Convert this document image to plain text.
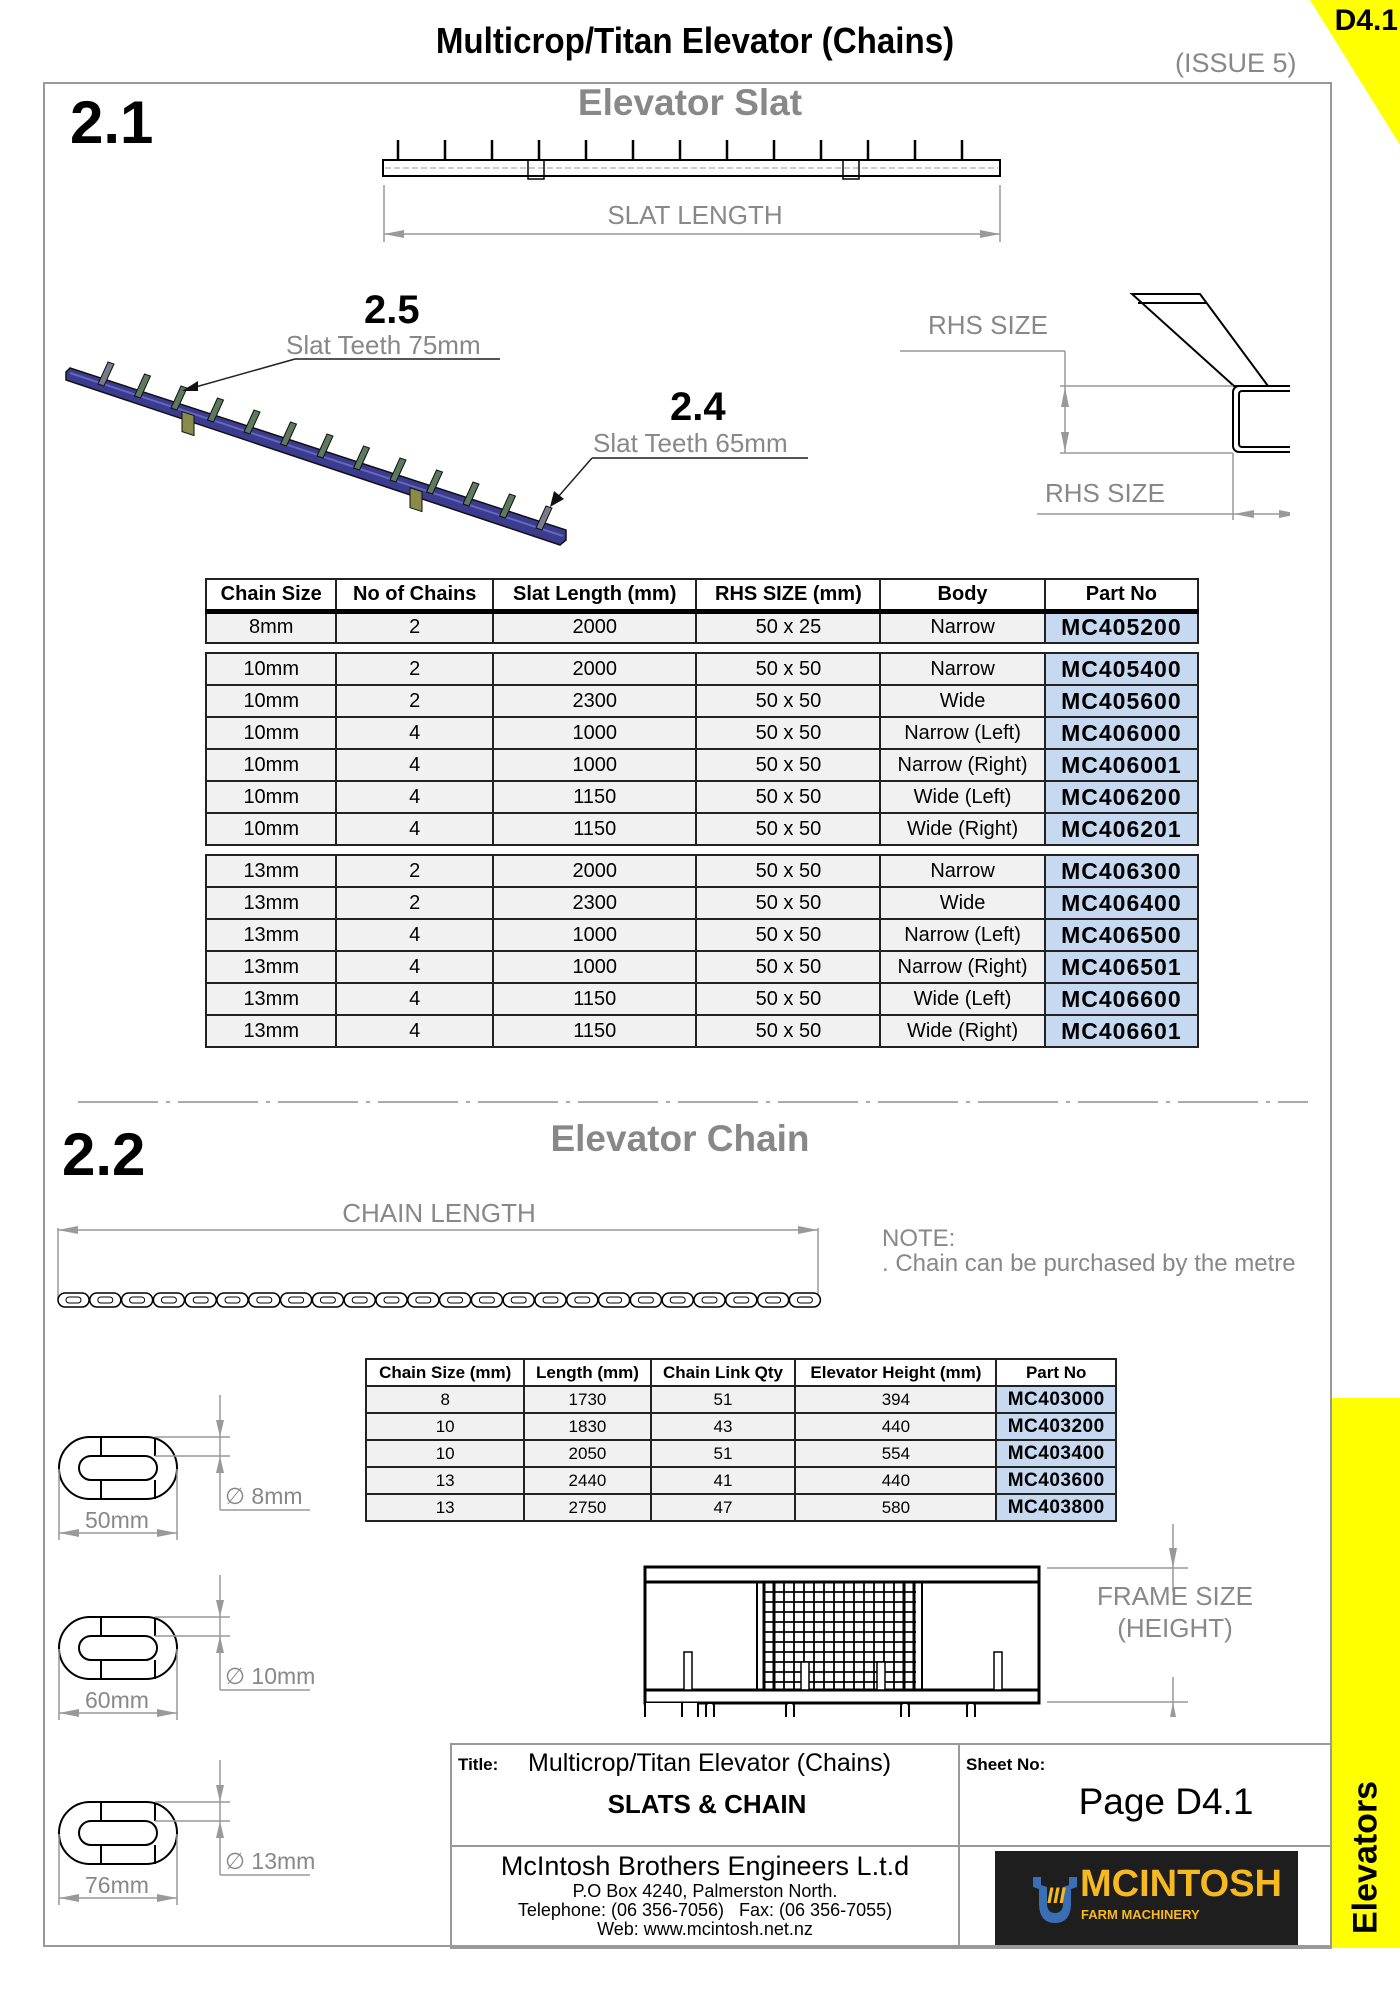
Multicrop/Titan Elevator (Chains)
(ISSUE 5)
D4.1
2.1	Elevator Slat
SLAT LENGTH
2.5
Slat Teeth 75mm
2.4
Slat Teeth 65mm
RHS SIZE
RHS SIZE
Chain Size	No of Chains	Slat Length (mm)	RHS SIZE (mm)	Body	Part No
8mm	2	2000	50 x 25	Narrow	MC405200

10mm	2	2000	50 x 50	Narrow	MC405400
10mm	2	2300	50 x 50	Wide	MC405600
10mm	4	1000	50 x 50	Narrow (Left)	MC406000
10mm	4	1000	50 x 50	Narrow (Right)	MC406001
10mm	4	1150	50 x 50	Wide (Left)	MC406200
10mm	4	1150	50 x 50	Wide (Right)	MC406201

13mm	2	2000	50 x 50	Narrow	MC406300
13mm	2	2300	50 x 50	Wide	MC406400
13mm	4	1000	50 x 50	Narrow (Left)	MC406500
13mm	4	1000	50 x 50	Narrow (Right)	MC406501
13mm	4	1150	50 x 50	Wide (Left)	MC406600
13mm	4	1150	50 x 50	Wide (Right)	MC406601
2.2	Elevator Chain
CHAIN LENGTH
NOTE:
. Chain can be purchased by the metre
∅ 8mm
50mm
∅ 10mm
60mm
∅ 13mm
76mm
Chain Size (mm)	Length (mm)	Chain Link Qty	Elevator Height (mm)	Part No
8	1730	51	394	MC403000
10	1830	43	440	MC403200
10	2050	51	554	MC403400
13	2440	41	440	MC403600
13	2750	47	580	MC403800
FRAME SIZE
(HEIGHT)
Title: Multicrop/Titan Elevator (Chains)
SLATS & CHAIN
Sheet No:
Page D4.1
McIntosh Brothers Engineers L.t.d
P.O Box 4240, Palmerston North.
Telephone: (06 356-7056)   Fax: (06 356-7055)
Web: www.mcintosh.net.nz
III MCINTOSH
FARM MACHINERY	Elevators
